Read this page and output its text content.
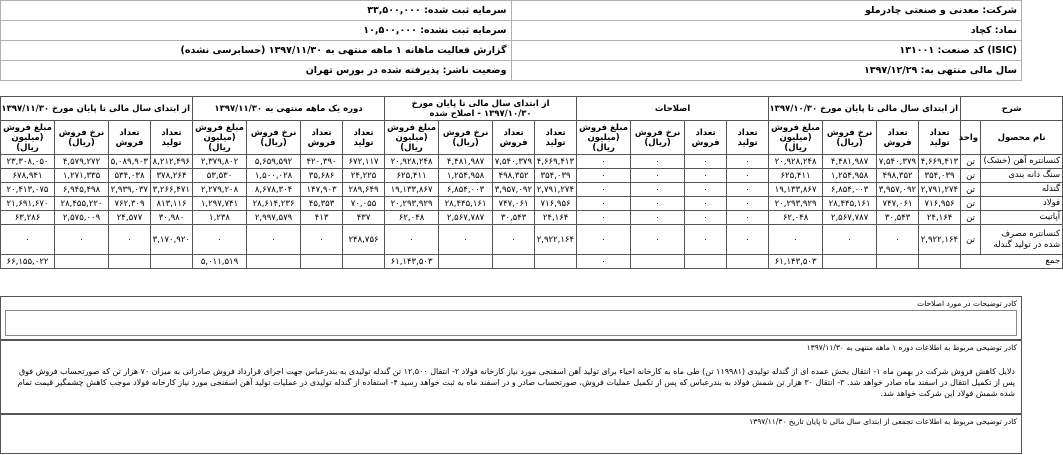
شرکت: معدنی و صنعتی چادرملو	سرمایه ثبت شده: ۳۳,۵۰۰,۰۰۰
نماد: کچاد	سرمایه ثبت نشده: ۱۰,۵۰۰,۰۰۰
(ISIC) کد صنعت: ۱۳۱۰۰۱	گزارش فعالیت ماهانه ۱ ماهه منتهی به ۱۳۹۷/۱۱/۳۰ (حسابرسی نشده)
سال مالی منتهی به: ۱۳۹۷/۱۲/۲۹	وضعیت ناشر: پذیرفته شده در بورس تهران
شرح		از ابتدای سال مالی تا پایان مورخ ۱۳۹۷/۱۰/۳۰				اصلاحات				از ابتدای سال مالی تا پایان مورخ ۱۳۹۷/۱۰/۳۰ - اصلاح شده				دوره یک ماهه منتهی به ۱۳۹۷/۱۱/۳۰				از ابتدای سال مالی تا پایان مورخ ۱۳۹۷/۱۱/۳۰			
نام محصول	واحد	تعداد تولید	تعداد فروش	نرخ فروش (ریال)	مبلغ فروش (میلیون ریال)	تعداد تولید	تعداد فروش	نرخ فروش (ریال)	مبلغ فروش (میلیون ریال)	تعداد تولید	تعداد فروش	نرخ فروش (ریال)	مبلغ فروش (میلیون ریال)	تعداد تولید	تعداد فروش	نرخ فروش (ریال)	مبلغ فروش (میلیون ریال)	تعداد تولید	تعداد فروش	نرخ فروش (ریال)	مبلغ فروش (میلیون ریال)
کنسانتره آهن (خشک)	تن	۴,۶۶۹,۴۱۳	۷,۵۴۰,۳۷۹	۴,۴۸۱,۹۸۷	۲۰,۹۲۸,۲۴۸	۰	۰	۰	۰	۴,۶۶۹,۴۱۳	۷,۵۴۰,۳۷۹	۴,۴۸۱,۹۸۷	۲۰,۹۲۸,۲۴۸	۶۷۲,۱۱۷	۴۲۰,۳۹۰	۵,۶۵۹,۵۹۲	۲,۳۷۹,۸۰۲	۸,۲۱۲,۴۹۶	۵,۰۸۹,۹۰۳	۴,۵۷۹,۲۷۲	۲۳,۳۰۸,۰۵۰
سنگ دانه بندی	تن	۳۵۴,۰۳۹	۴۹۸,۳۵۲	۱,۲۵۴,۹۵۸	۶۲۵,۴۱۱	۰	۰	۰	۰	۳۵۴,۰۳۹	۴۹۸,۳۵۲	۱,۲۵۴,۹۵۸	۶۲۵,۴۱۱	۲۴,۲۲۵	۳۵,۶۸۶	۱,۵۰۰,۰۲۸	۵۳,۵۳۰	۳۷۸,۲۶۴	۵۳۴,۰۳۸	۱,۲۷۱,۳۳۵	۶۷۸,۹۴۱
گندله	تن	۲,۷۹۱,۲۷۴	۳,۹۵۷,۰۹۲	۶,۸۵۴,۰۰۳	۱۹,۱۳۳,۸۶۷	۰	۰	۰	۰	۲,۷۹۱,۲۷۴	۳,۹۵۷,۰۹۲	۶,۸۵۴,۰۰۳	۱۹,۱۳۳,۸۶۷	۲۸۹,۶۴۹	۱۴۷,۹۰۳	۸,۶۷۸,۳۰۴	۲,۲۷۹,۲۰۸	۳,۲۶۶,۴۷۱	۲,۹۳۹,۰۳۷	۶,۹۴۵,۴۹۸	۲۰,۴۱۳,۰۷۵
فولاد	تن	۷۱۶,۹۵۶	۷۴۷,۰۶۱	۲۸,۴۴۵,۱۶۱	۲۰,۲۹۳,۹۲۹	۰	۰	۰	۰	۷۱۶,۹۵۶	۷۴۷,۰۶۱	۲۸,۴۴۵,۱۶۱	۲۰,۲۹۳,۹۲۹	۷۰,۰۵۵	۴۵,۳۵۳	۲۸,۶۱۴,۲۳۶	۱,۲۹۷,۷۴۱	۸۱۳,۱۱۶	۷۶۲,۳۰۹	۲۸,۴۵۵,۲۲۰	۲۱,۶۹۱,۶۷۰
آپاتیت	تن	۲۴,۱۶۴	۳۰,۵۴۳	۲,۵۶۷,۷۸۷	۶۲,۰۴۸	۰	۰	۰	۰	۲۴,۱۶۴	۳۰,۵۴۳	۲,۵۶۷,۷۸۷	۶۲,۰۴۸	۴۳۷	۴۱۳	۲,۹۹۷,۵۷۹	۱,۲۳۸	۳۰,۹۸۰	۲۴,۵۷۷	۲,۵۷۵,۰۰۹	۶۳,۲۸۶
کنسانتره مصرف شده در تولید گندله	تن	۲,۹۲۲,۱۶۴	۰	۰	۰	۰	۰	۰	۰	۲,۹۲۲,۱۶۴	۰	۰	۰	۲۴۸,۷۵۶	۰	۰	۰	۳,۱۷۰,۹۲۰	۰	۰	۰
جمع					۶۱,۱۴۳,۵۰۳				۰				۶۱,۱۴۳,۵۰۳				۵,۰۱۱,۵۱۹				۶۶,۱۵۵,۰۲۲
کادر توضیحات در مورد اصلاحات
کادر توضیحی مربوط به اطلاعات دوره ۱ ماهه منتهی به ۱۳۹۷/۱۱/۳۰
دلایل کاهش فروش شرکت در بهمن ماه ۱- انتقال بخش عمده ای از گندله تولیدی (۱۱۹۹۸۱ تن) طی ماه به کارخانه احیاء برای تولید آهن اسفنجی مورد نیاز کارخانه فولاد ۲- انتقال ۱۲,۵۰۰ تن گندله تولیدی به بندرعباس جهت اجرای قرارداد فروش صادراتی به میزان ۷۰ هزار تن که صورتحساب فروش فوق پس از تکمیل انتقال در اسفند ماه صادر خواهد شد. ۳- انتقال ۳۰ هزار تن شمش فولاد به بندرعباس که پس از تکمیل عملیات فروش، صورتحساب صادر و در اسفند ماه به ثبت خواهد رسید ۴- استفاده از گندله تولیدی در عملیات تولید آهن اسفنجی مورد نیاز کارخانه فولاد موجب کاهش چشمگیر قیمت تمام شده شمش فولاد این شرکت خواهد شد.
کادر توضیحی مربوط به اطلاعات تجمعی از ابتدای سال مالی تا پایان تاریخ ۱۳۹۷/۱۱/۳۰
